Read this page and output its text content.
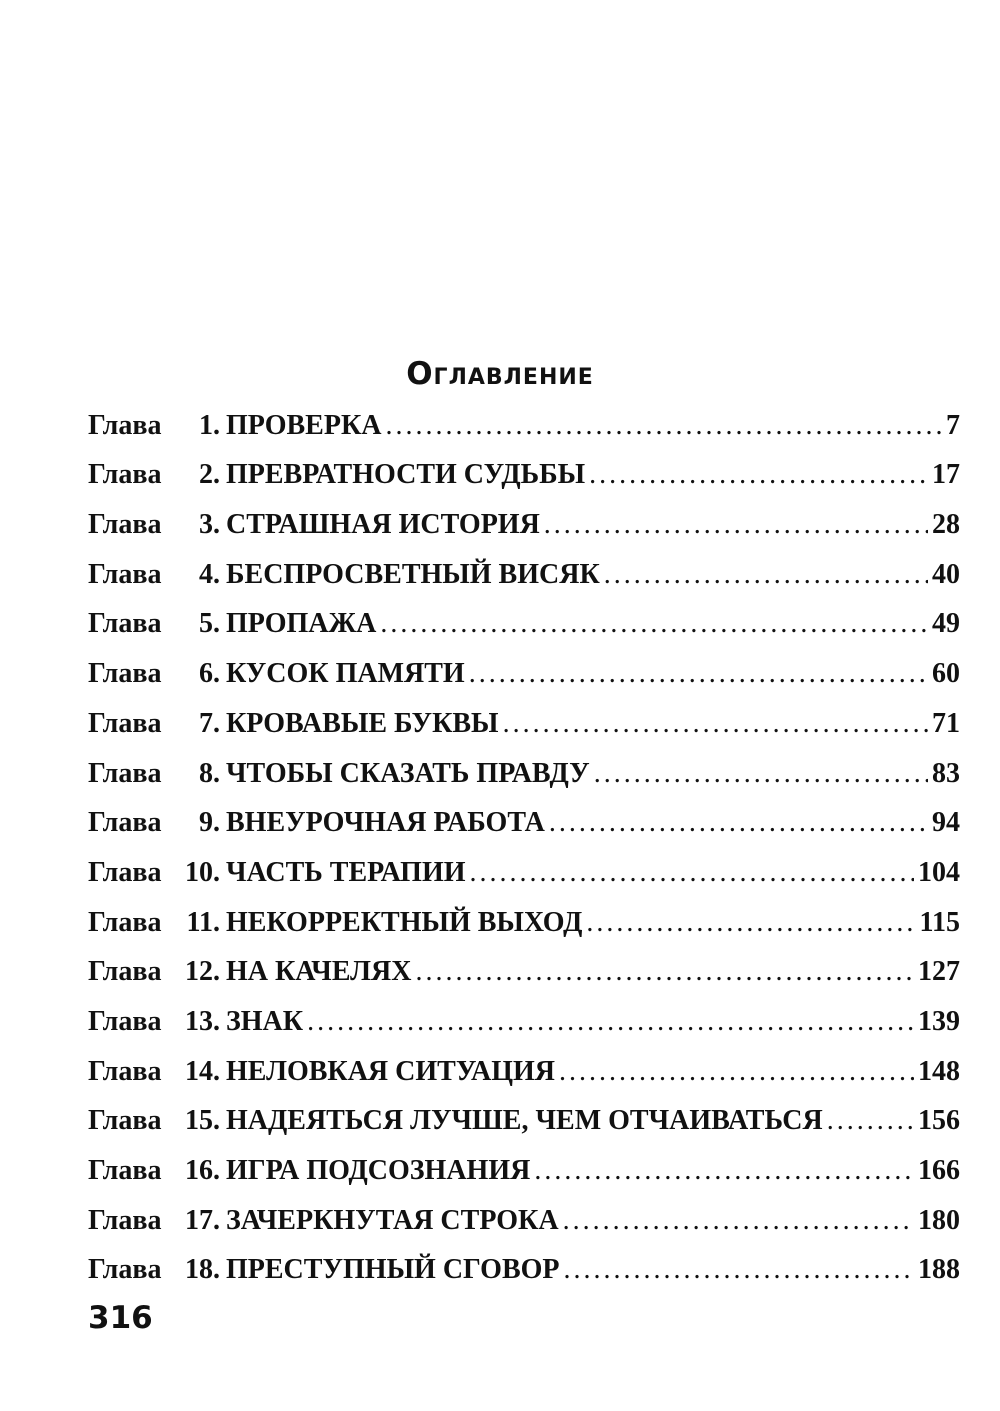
Оглавление
Глава	1. ПРОВЕРКА .....	7
Глава	2. ПРЕВРАТНОСТИ СУДЬБЫ .....	17
Глава	3. СТРАШНАЯ ИСТОРИЯ .....	28
Глава	4. БЕСПРОСВЕТНЫЙ ВИСЯК .....	40
Глава	5. ПРОПАЖА .....	49
Глава	6. КУСОК ПАМЯТИ .....	60
Глава	7. КРОВАВЫЕ БУКВЫ .....	71
Глава	8. ЧТОБЫ СКАЗАТЬ ПРАВДУ .....	83
Глава	9. ВНЕУРОЧНАЯ РАБОТА .....	94
Глава 10. ЧАСТЬ ТЕРАПИИ .....	104
Глава 11. НЕКОРРЕКТНЫЙ ВЫХОД .....	115
Глава 12. НА КАЧЕЛЯХ .....	127
Глава 13. ЗНАК .....	139
Глава 14. НЕЛОВКАЯ СИТУАЦИЯ .....	148
Глава 15. НАДЕЯТЬСЯ ЛУЧШЕ, ЧЕМ ОТЧАИВАТЬСЯ .....	156
Глава 16. ИГРА ПОДСОЗНАНИЯ .....	166
Глава 17. ЗАЧЕРКНУТАЯ СТРОКА .....	180
Глава 18. ПРЕСТУПНЫЙ СГОВОР .....	188
316
